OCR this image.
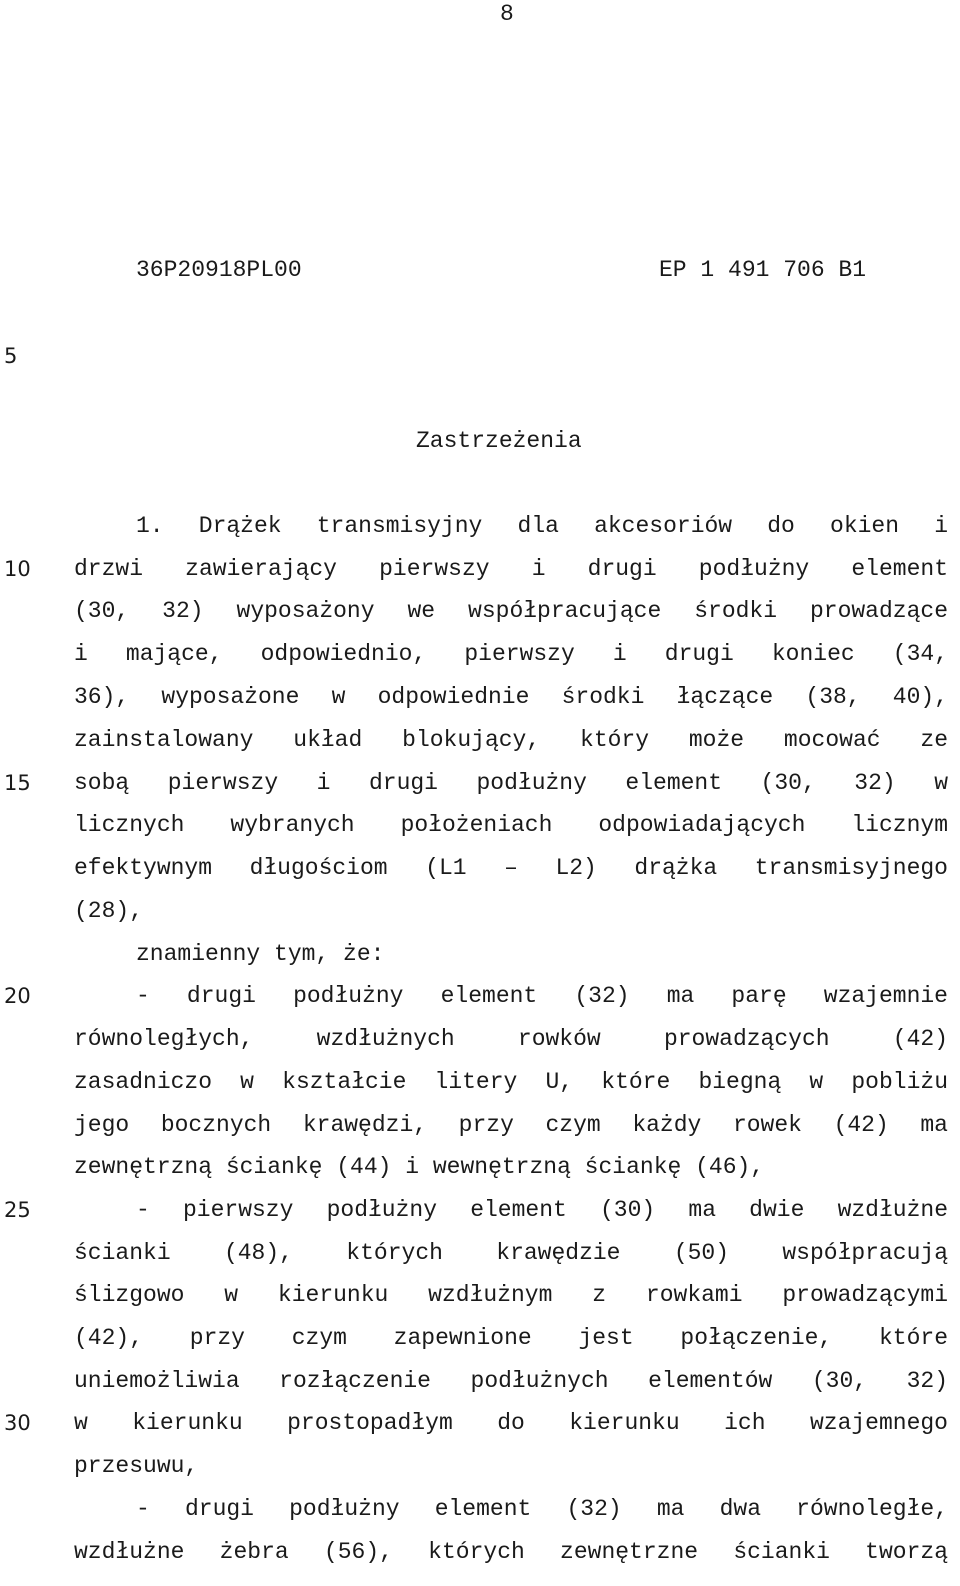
8
36P20918PL00	EP 1 491 706 B1
Zastrzeżenia
5
10
15
20
25
30
1. Drążek transmisyjny dla akcesoriów do okien i
drzwi zawierający pierwszy i drugi podłużny element
(30, 32) wyposażony we współpracujące środki prowadzące
i mające, odpowiednio, pierwszy i drugi koniec (34,
36), wyposażone w odpowiednie środki łączące (38, 40),
zainstalowany układ blokujący, który może mocować ze
sobą pierwszy i drugi podłużny element (30, 32) w
licznych wybranych położeniach odpowiadających licznym
efektywnym długościom (L1 – L2) drążka transmisyjnego
(28),
znamienny tym, że:
- drugi podłużny element (32) ma parę wzajemnie
równoległych, wzdłużnych rowków prowadzących (42)
zasadniczo w kształcie litery U, które biegną w pobliżu
jego bocznych krawędzi, przy czym każdy rowek (42) ma
zewnętrzną ściankę (44) i wewnętrzną ściankę (46),
- pierwszy podłużny element (30) ma dwie wzdłużne
ścianki (48), których krawędzie (50) współpracują
ślizgowo w kierunku wzdłużnym z rowkami prowadzącymi
(42), przy czym zapewnione jest połączenie, które
uniemożliwia rozłączenie podłużnych elementów (30, 32)
w kierunku prostopadłym do kierunku ich wzajemnego
przesuwu,
- drugi podłużny element (32) ma dwa równoległe,
wzdłużne żebra (56), których zewnętrzne ścianki tworzą
